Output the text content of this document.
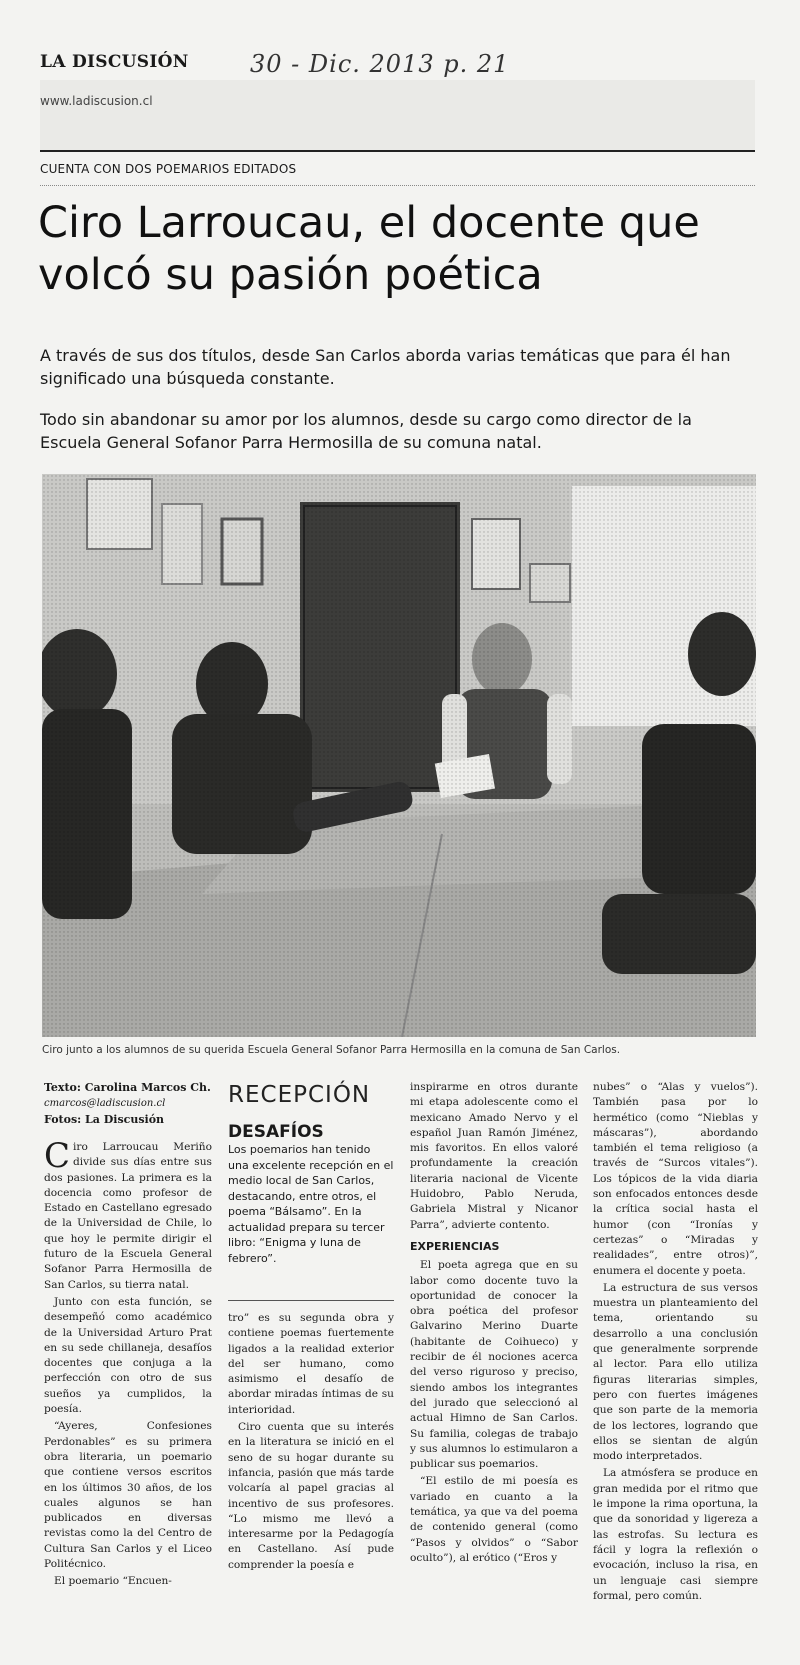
LA DISCUSIÓN	30 - Dic. 2013 p. 21
www.ladiscusion.cl
CUENTA CON DOS POEMARIOS EDITADOS
Ciro Larroucau, el docente que volcó su pasión poética
A través de sus dos títulos, desde San Carlos aborda varias temáticas que para él han significado una búsqueda constante.
Todo sin abandonar su amor por los alumnos, desde su cargo como director de la Escuela General Sofanor Parra Hermosilla de su comuna natal.
Ciro junto a los alumnos de su querida Escuela General Sofanor Parra Hermosilla en la comuna de San Carlos.
Texto: Carolina Marcos Ch.
cmarcos@ladiscusion.cl
Fotos: La Discusión

Ciro Larroucau Meriño divide sus días entre sus dos pasiones. La primera es la docencia como profesor de Estado en Castellano egresado de la Universidad de Chile, lo que hoy le permite dirigir el futuro de la Escuela General Sofanor Parra Hermosilla de San Carlos, su tierra natal.

Junto con esta función, se desempeñó como académico de la Universidad Arturo Prat en su sede chillaneja, desafíos docentes que conjuga a la perfección con otro de sus sueños ya cumplidos, la poesía.

“Ayeres, Confesiones Perdonables” es su primera obra literaria, un poemario que contiene versos escritos en los últimos 30 años, de los cuales algunos se han publicados en diversas revistas como la del Centro de Cultura San Carlos y el Liceo Politécnico.

El poemario “Encuen-

RECEPCIÓN
DESAFÍOS
Los poemarios han tenido una excelente recepción en el medio local de San Carlos, destacando, entre otros, el poema “Bálsamo”. En la actualidad prepara su tercer libro: “Enigma y luna de febrero”.

tro” es su segunda obra y contiene poemas fuertemente ligados a la realidad exterior del ser humano, como asimismo el desafío de abordar miradas íntimas de su interioridad.

Ciro cuenta que su interés en la literatura se inició en el seno de su hogar durante su infancia, pasión que más tarde volcaría al papel gracias al incentivo de sus profesores. “Lo mismo me llevó a interesarme por la Pedagogía en Castellano. Así pude comprender la poesía e

inspirarme en otros durante mi etapa adolescente como el mexicano Amado Nervo y el español Juan Ramón Jiménez, mis favoritos. En ellos valoré profundamente la creación literaria nacional de Vicente Huidobro, Pablo Neruda, Gabriela Mistral y Nicanor Parra”, advierte contento.

EXPERIENCIAS

El poeta agrega que en su labor como docente tuvo la oportunidad de conocer la obra poética del profesor Galvarino Merino Duarte (habitante de Coihueco) y recibir de él nociones acerca del verso riguroso y preciso, siendo ambos los integrantes del jurado que seleccionó al actual Himno de San Carlos. Su familia, colegas de trabajo y sus alumnos lo estimularon a publicar sus poemarios.

“El estilo de mi poesía es variado en cuanto a la temática, ya que va del poema de contenido general (como “Pasos y olvidos” o “Sabor oculto”), al erótico (“Eros y

nubes” o “Alas y vuelos”). También pasa por lo hermético (como “Nieblas y máscaras”), abordando también el tema religioso (a través de “Surcos vitales”). Los tópicos de la vida diaria son enfocados entonces desde la crítica social hasta el humor (con “Ironías y certezas” o “Miradas y realidades”, entre otros)”, enumera el docente y poeta.

La estructura de sus versos muestra un planteamiento del tema, orientando su desarrollo a una conclusión que generalmente sorprende al lector. Para ello utiliza figuras literarias simples, pero con fuertes imágenes que son parte de la memoria de los lectores, logrando que ellos se sientan de algún modo interpretados.

La atmósfera se produce en gran medida por el ritmo que le impone la rima oportuna, la que da sonoridad y ligereza a las estrofas. Su lectura es fácil y logra la reflexión o evocación, incluso la risa, en un lenguaje casi siempre formal, pero común.
